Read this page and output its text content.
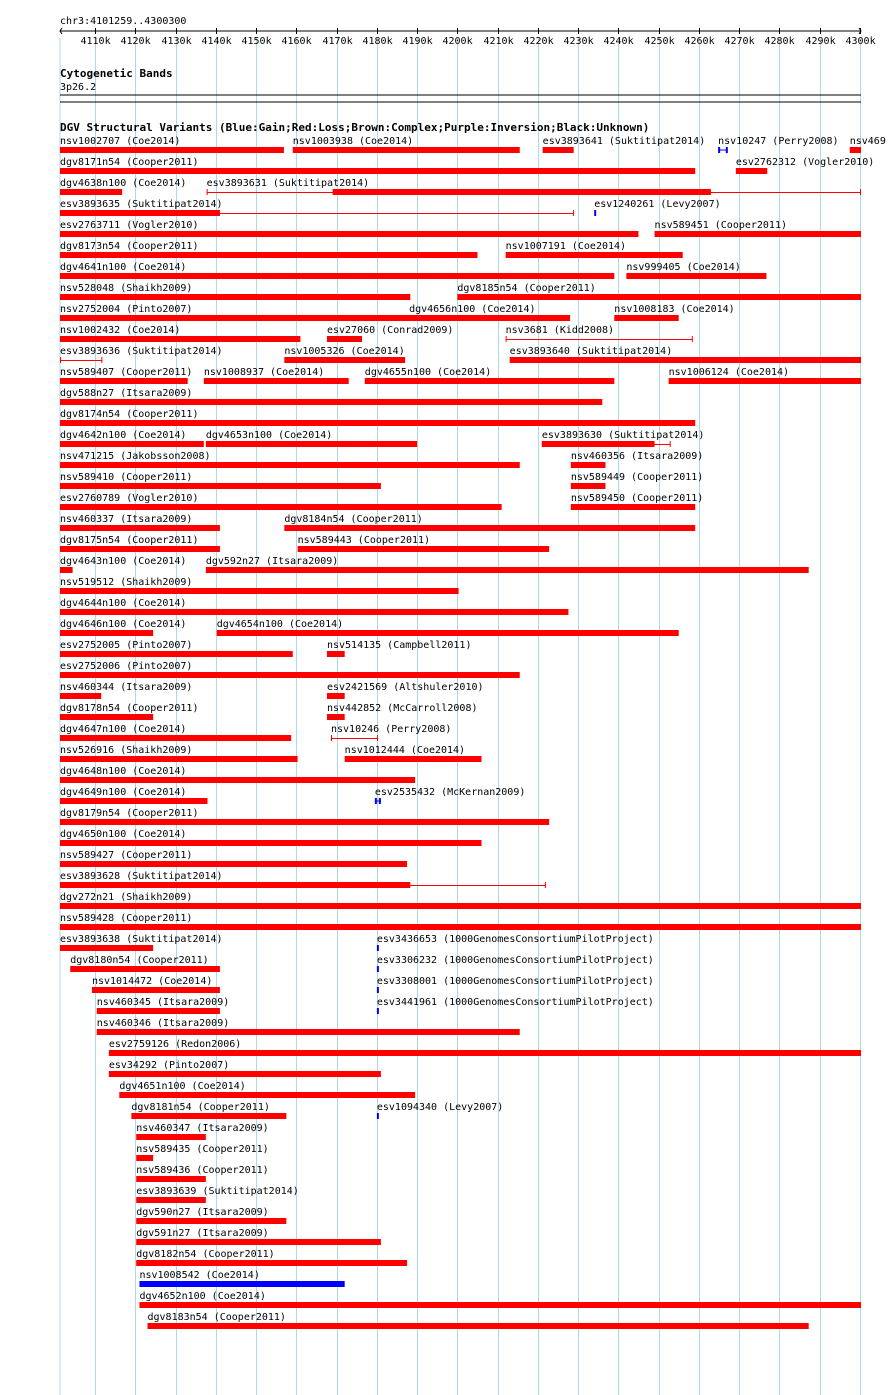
chr3:4101259..4300300
4110k 4120k 4130k 4140k 4150k 4160k 4170k 4180k 4190k 4200k 4210k 4220k 4230k 4240k 4250k 4260k 4270k 4280k 4290k 4300k
Cytogenetic Bands
3p26.2
DGV Structural Variants (Blue:Gain;Red:Loss;Brown:Complex;Purple:Inversion;Black:Unknown)
nsv1002707 (Coe2014)	nsv1003938 (Coe2014)	esv3893641 (Suktitipat2014) nsv10247 (Perry2008) nsv469
dgv8171n54 (Cooper2011)	esv2762312 (Vogler2010)
dgv4638n100 (Coe2014) esv3893631 (Suktitipat2014)
esv3893635 (Suktitipat2014)	esv1240261 (Levy2007)
esv2763711 (Vogler2010)	nsv589451 (Cooper2011)
dgv8173n54 (Cooper2011)	nsv1007191 (Coe2014)
dgv4641n100 (Coe2014)	nsv999405 (Coe2014)
nsv528048 (Shaikh2009)	dgv8185n54 (Cooper2011)
nsv2752004 (Pinto2007)	dgv4656n100 (Coe2014)	nsv1008183 (Coe2014)
nsv1002432 (Coe2014)	esv27060 (Conrad2009)	nsv3681 (Kidd2008)
esv3893636 (Suktitipat2014)	nsv1005326 (Coe2014)	esv3893640 (Suktitipat2014)
nsv589407 (Cooper2011) nsv1008937 (Coe2014)	dgv4655n100 (Coe2014)	nsv1006124 (Coe2014)
dgv588n27 (Itsara2009)
dgv8174n54 (Cooper2011)
dgv4642n100 (Coe2014) dgv4653n100 (Coe2014)	esv3893630 (Suktitipat2014)
nsv471215 (Jakobsson2008)	nsv460356 (Itsara2009)
nsv589410 (Cooper2011)	nsv589449 (Cooper2011)
esv2760789 (Vogler2010)	nsv589450 (Cooper2011)
nsv460337 (Itsara2009)	dgv8184n54 (Cooper2011)
dgv8175n54 (Cooper2011)	nsv589443 (Cooper2011)
dgv4643n100 (Coe2014) dgv592n27 (Itsara2009)
nsv519512 (Shaikh2009)
dgv4644n100 (Coe2014)
dgv4646n100 (Coe2014)	dgv4654n100 (Coe2014)
esv2752005 (Pinto2007)	nsv514135 (Campbell2011)
esv2752006 (Pinto2007)
nsv460344 (Itsara2009)	esv2421569 (Altshuler2010)
dgv8178n54 (Cooper2011)	nsv442852 (McCarroll2008)
dgv4647n100 (Coe2014)	nsv10246 (Perry2008)
nsv526916 (Shaikh2009)	nsv1012444 (Coe2014)
dgv4648n100 (Coe2014)
dgv4649n100 (Coe2014)	esv2535432 (McKernan2009)
dgv8179n54 (Cooper2011)
dgv4650n100 (Coe2014)
nsv589427 (Cooper2011)
esv3893628 (Suktitipat2014)
dgv272n21 (Shaikh2009)
nsv589428 (Cooper2011)
esv3893638 (Suktitipat2014)	esv3436653 (1000GenomesConsortiumPilotProject)
dgv8180n54 (Cooper2011)	esv3306232 (1000GenomesConsortiumPilotProject)
nsv1014472 (Coe2014)	esv3308001 (1000GenomesConsortiumPilotProject)
nsv460345 (Itsara2009)	esv3441961 (1000GenomesConsortiumPilotProject)
nsv460346 (Itsara2009)
esv2759126 (Redon2006)
esv34292 (Pinto2007)
dgv4651n100 (Coe2014)
dgv8181n54 (Cooper2011)	esv1094340 (Levy2007)
nsv460347 (Itsara2009)
nsv589435 (Cooper2011)
nsv589436 (Cooper2011)
esv3893639 (Suktitipat2014)
dgv590n27 (Itsara2009)
dgv591n27 (Itsara2009)
dgv8182n54 (Cooper2011)
nsv1008542 (Coe2014)
dgv4652n100 (Coe2014)
dgv8183n54 (Cooper2011)
